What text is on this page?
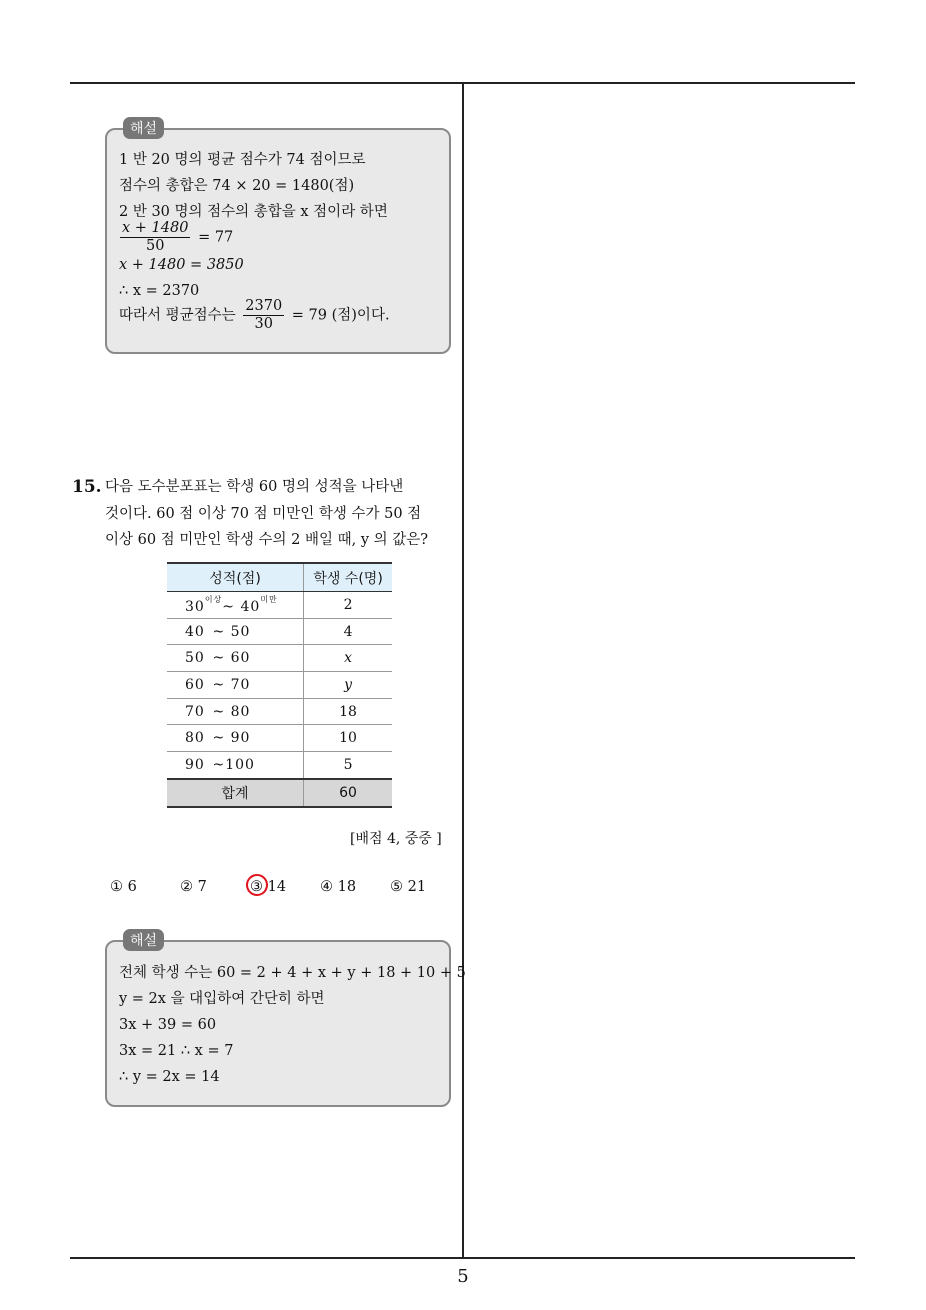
해설
1 반 20 명의 평균 점수가 74 점이므로
점수의 총합은 74 × 20 = 1480(점)
2 반 30 명의 점수의 총합을 x 점이라 하면
$\frac{x + 1480}{50} = 77$
x + 1480 = 3850
∴ x = 2370
따라서 평균점수는 $\frac{2370}{30} = 79$ (점)이다.
15. 다음 도수분포표는 학생 60 명의 성적을 나타낸
것이다. 60 점 이상 70 점 미만인 학생 수가 50 점
이상 60 점 미만인 학생 수의 2 배일 때, y 의 값은?
성적(점)	학생 수(명)
$30^{이상}\sim$ $40^{미만}$	2
40 ~ 50	4
50 ~ 60	x
60 ~ 70	y
70 ~ 80	18
80 ~ 90	10
90 ~100	5
합계	60
[배점 4, 중중 ]
① 6	② 7	③ 14 ④ 18 ⑤ 21
해설
전체 학생 수는 60 = 2 + 4 + x + y + 18 + 10 + 5
y = 2x 을 대입하여 간단히 하면
3x + 39 = 60
3x = 21 ∴ x = 7
∴ y = 2x = 14
5
